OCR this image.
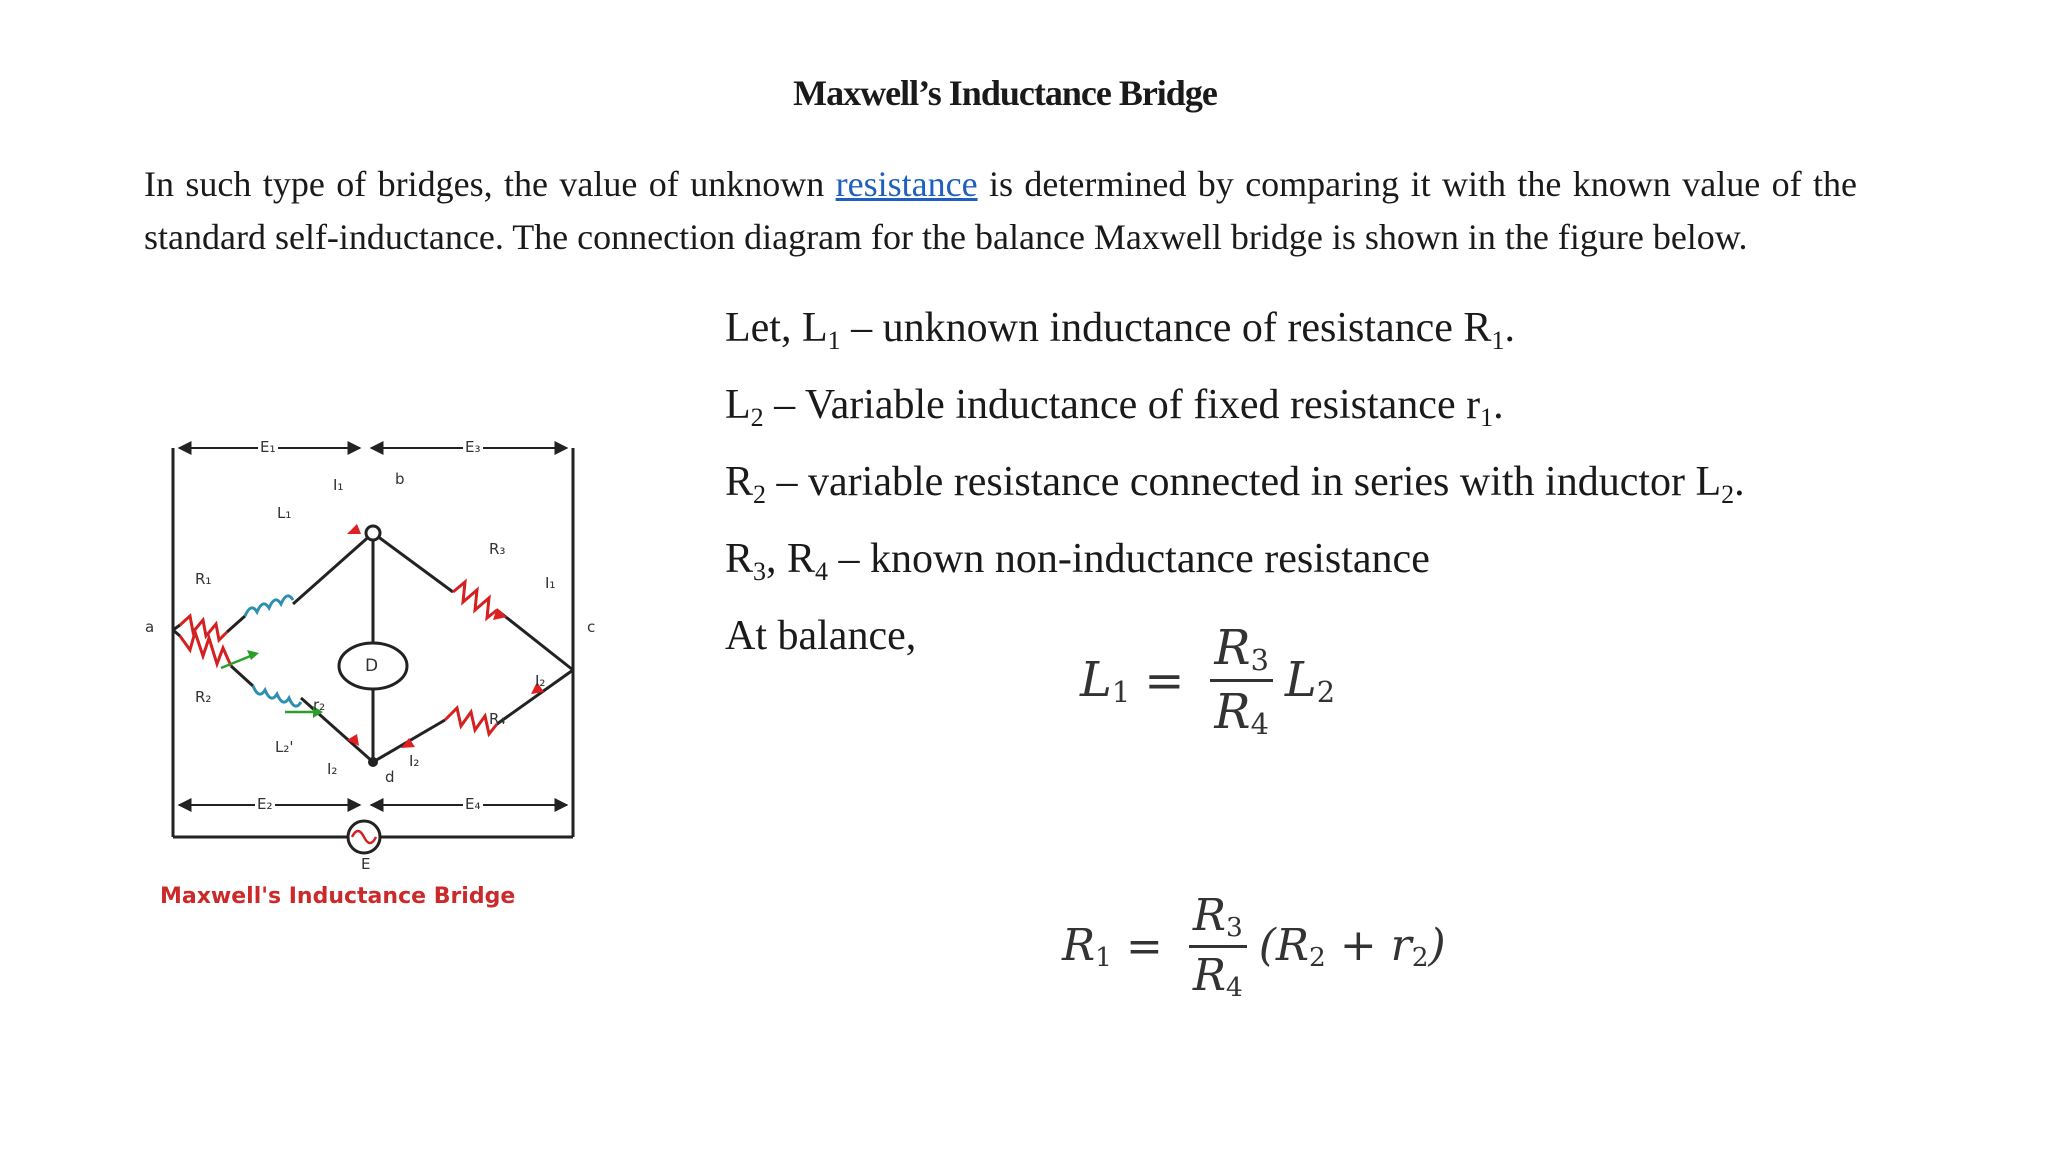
Maxwell’s Inductance Bridge
In such type of bridges, the value of unknown resistance is determined by comparing it with the known value of the standard self-inductance. The connection diagram for the balance Maxwell bridge is shown in the figure below.
Let, $L_1$ – unknown inductance of resistance $R_1$.
$L_2$ – Variable inductance of fixed resistance $r_1$.
$R_2$ – variable resistance connected in series with inductor $L_2$.
$R_3$, $R_4$ – known non-inductance resistance
At balance,
E₁	E₃
E₂	E₄
a
b
c
d
D
E
L₁
R₁
R₂	r₂
L₂'
R₃
R₄
I₁
I₁
I₂
I₂	I₂
Maxwell's Inductance Bridge
$L_1 = \frac{R_3}{R_4} L_2$
$R_1 = \frac{R_3}{R_4} (R_2 + r_2)$
